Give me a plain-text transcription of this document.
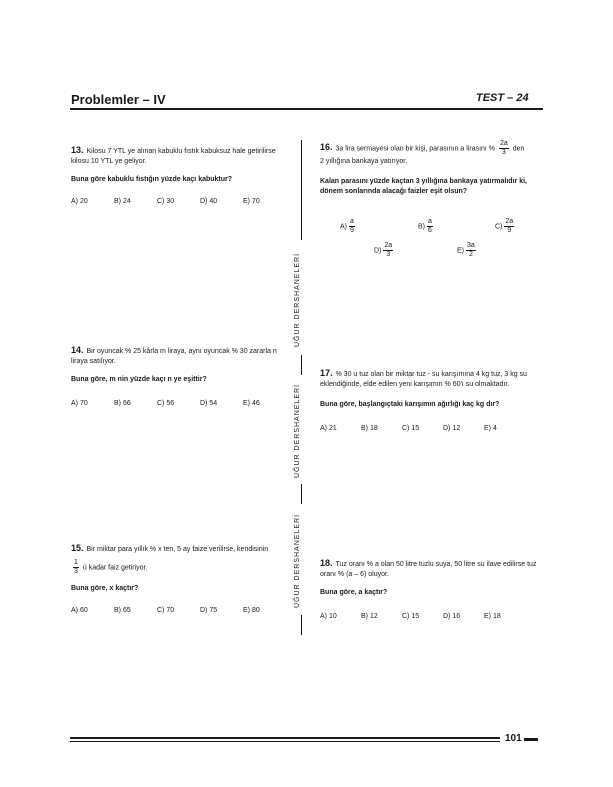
Problemler – IV	TEST – 24
UĞUR DERSHANELERİ
UĞUR DERSHANELERİ
UĞUR DERSHANELERİ
13. Kilosu 7 YTL ye alınan kabuklu fıstık kabuksuz hale getirilirse kilosu 10 YTL ye geliyor.
Buna göre kabuklu fıstığın yüzde kaçı kabuktur?
A) 20	B) 24	C) 30	D) 40	E) 70
14. Bir oyuncak % 25 kârla m liraya, aynı oyuncak % 30 zararla n liraya satılıyor.
Buna göre, m nin yüzde kaçı n ye eşittir?
A) 70	B) 66	C) 56	D) 54	E) 46
15. Bir miktar para yıllık % x ten, 5 ay faize verilirse, kendisinin
$\frac{1}{3}$ ü kadar faiz getiriyor.
Buna göre, x kaçtır?
A) 60	B) 65	C) 70	D) 75	E) 80
16. 3a lira sermayesi olan bir kişi, parasının a lirasını % $\frac{2a}{3}$ den
2 yıllığına bankaya yatırıyor.
Kalan parasını yüzde kaçtan 3 yıllığına bankaya yatırmalıdır ki, dönem sonlarında alacağı faizler eşit olsun?
$A) \frac{a}{9}$	$B) \frac{a}{6}$	$C) \frac{2a}{9}$
$D) \frac{2a}{3}$	$E) \frac{3a}{2}$
17. % 30 u tuz olan bir miktar tuz - su karışımına 4 kg tuz, 3 kg su eklendiğinde, elde edilen yeni karışımın % 60'ı su olmaktadır.
Buna göre, başlangıçtaki karışımın ağırlığı kaç kg dır?
A) 21	B) 18	C) 15	D) 12	E) 4
18. Tuz oranı % a olan 50 litre tuzlu suya, 50 litre su ilave edilirse tuz oranı % (a – 6) oluyor.
Buna göre, a kaçtır?
A) 10	B) 12	C) 15	D) 16	E) 18
101
